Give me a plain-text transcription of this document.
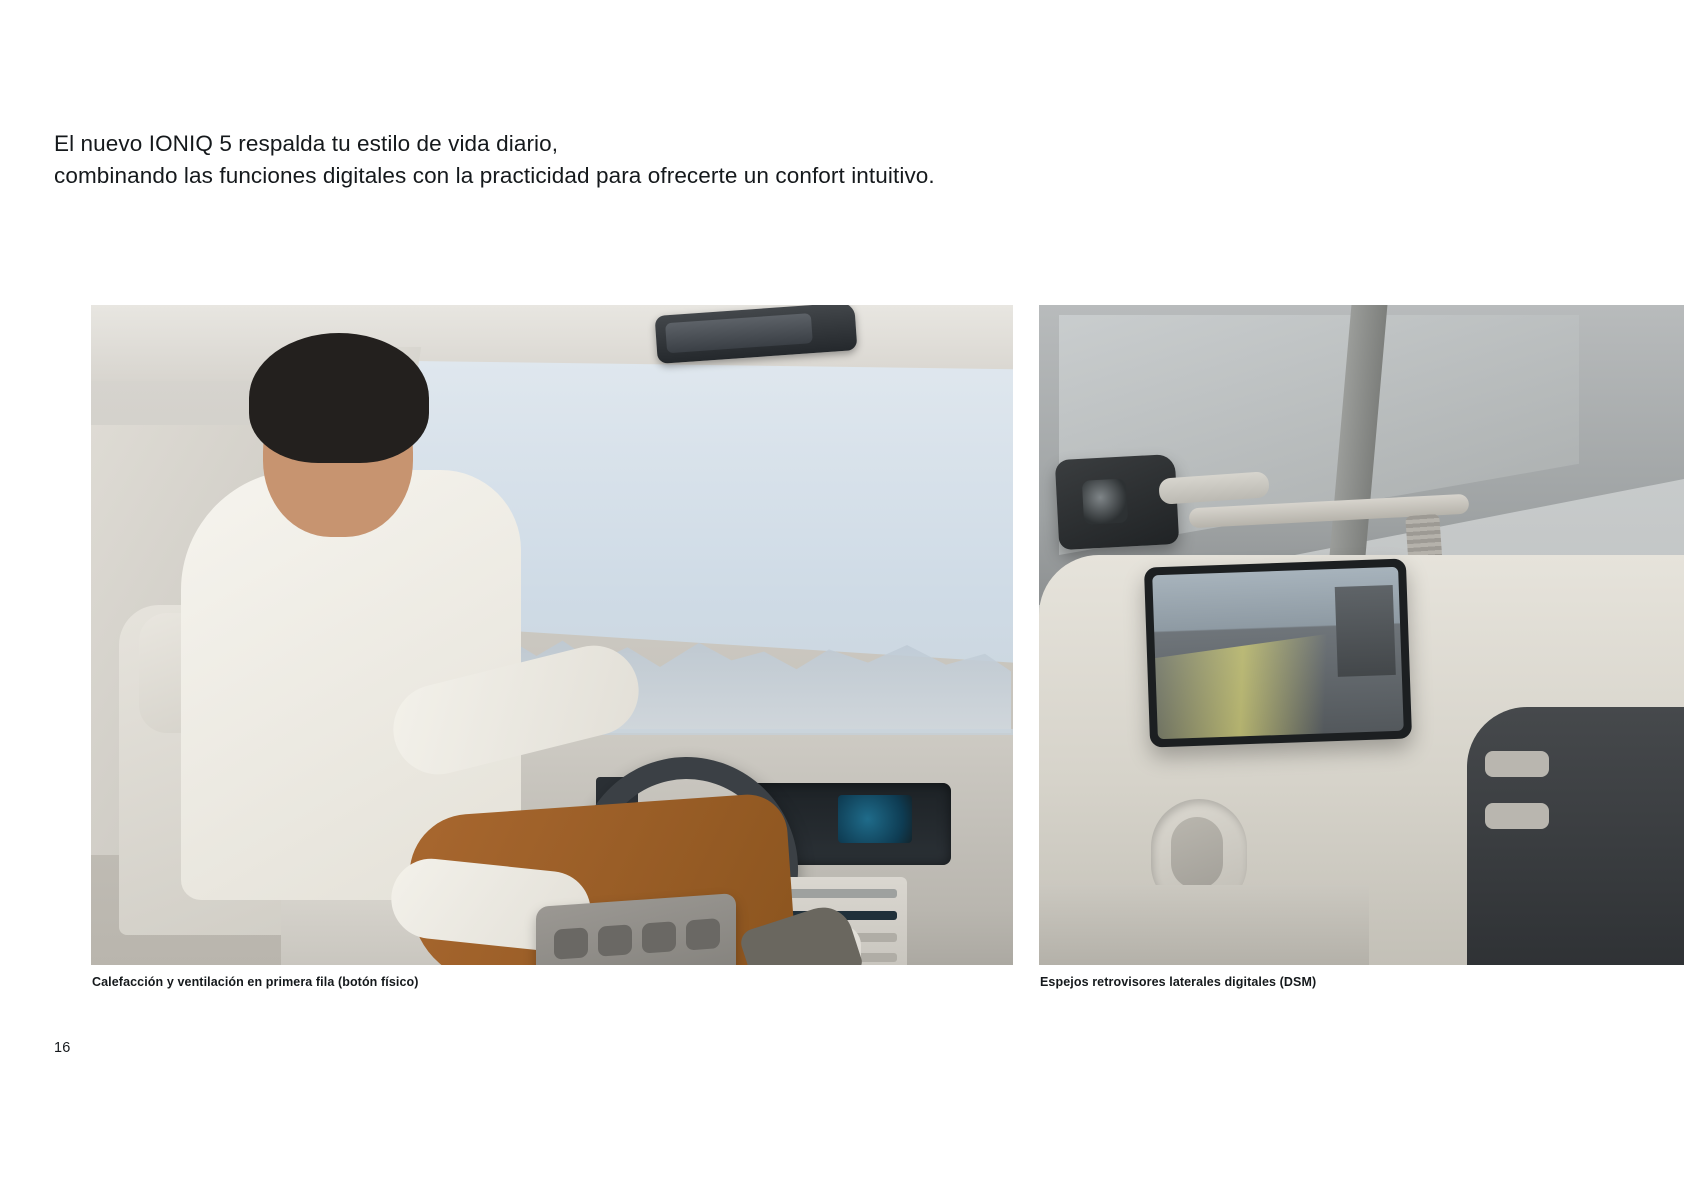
El nuevo IONIQ 5 respalda tu estilo de vida diario,
combinando las funciones digitales con la practicidad para ofrecerte un confort intuitivo.
Calefacción y ventilación en primera fila (botón físico)	Espejos retrovisores laterales digitales (DSM)
16
